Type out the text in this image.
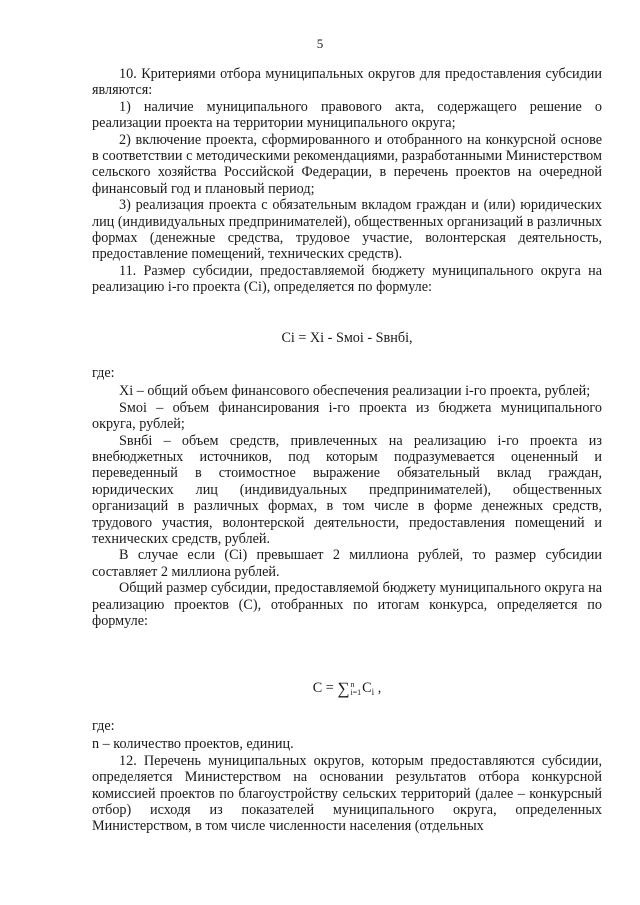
5

10. Критериями отбора муниципальных округов для предоставления субсидии являются:

1) наличие муниципального правового акта, содержащего решение о реализации проекта на территории муниципального округа;

2) включение проекта, сформированного и отобранного на конкурсной основе в соответствии с методическими рекомендациями, разработанными Министерством сельского хозяйства Российской Федерации, в перечень проектов на очередной финансовый год и плановый период;

3) реализация проекта с обязательным вкладом граждан и (или) юридических лиц (индивидуальных предпринимателей), общественных организаций в различных формах (денежные средства, трудовое участие, волонтерская деятельность, предоставление помещений, технических средств).

11. Размер субсидии, предоставляемой бюджету муниципального округа на реализацию i-го проекта (Ci), определяется по формуле:

Ci = Xi - Sмоi - Sвнбi,

где:

Xi – общий объем финансового обеспечения реализации i-го проекта, рублей;

Sмоi – объем финансирования i-го проекта из бюджета муниципального округа, рублей;

Sвнбi – объем средств, привлеченных на реализацию i-го проекта из внебюджетных источников, под которым подразумевается оцененный и переведенный в стоимостное выражение обязательный вклад граждан, юридических лиц (индивидуальных предпринимателей), общественных организаций в различных формах, в том числе в форме денежных средств, трудового участия, волонтерской деятельности, предоставления помещений и технических средств, рублей.

В случае если (Ci) превышает 2 миллиона рублей, то размер субсидии составляет 2 миллиона рублей.

Общий размер субсидии, предоставляемой бюджету муниципального округа на реализацию проектов (С), отобранных по итогам конкурса, определяется по формуле:

C = ∑n
$i=1C_i$ ,

где:

n – количество проектов, единиц.

12. Перечень муниципальных округов, которым предоставляются субсидии, определяется Министерством на основании результатов отбора конкурсной комиссией проектов по благоустройству сельских территорий (далее – конкурсный отбор) исходя из показателей муниципального округа, определенных Министерством, в том числе численности населения (отдельных
